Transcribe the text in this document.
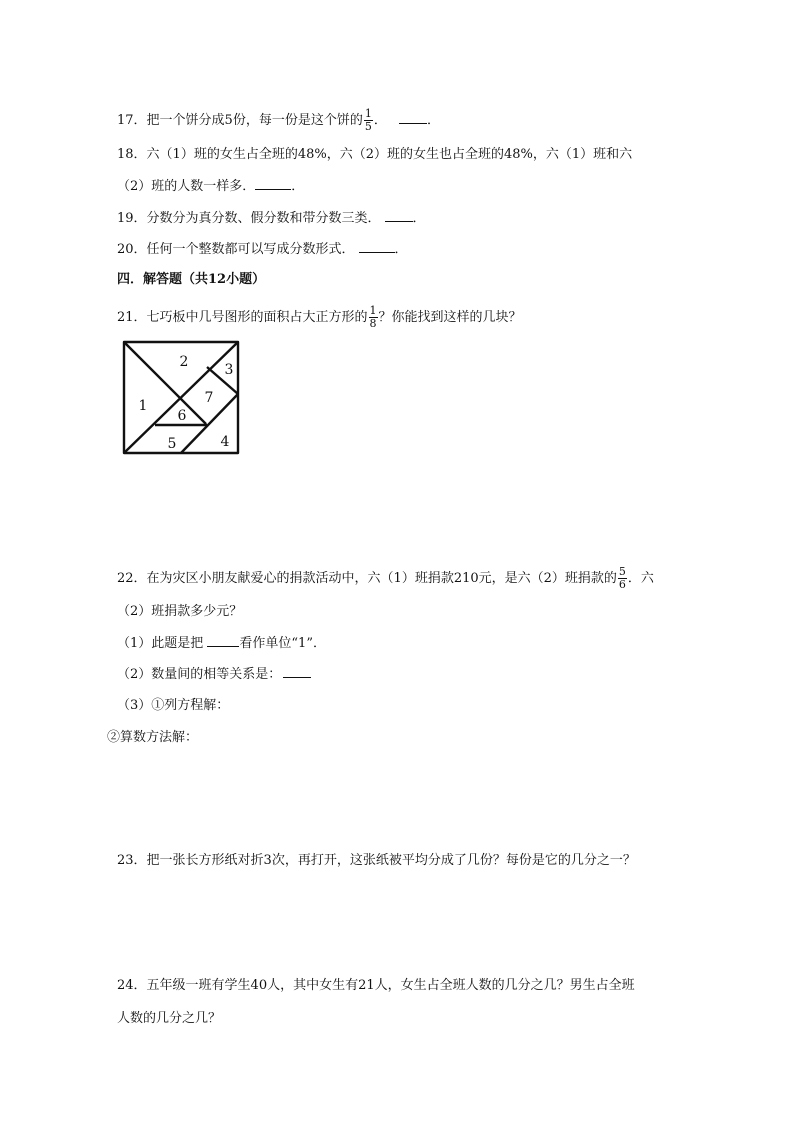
17．把一个饼分成5份，每一份是这个饼的 $\frac{1}{5}$ ．	．
18．六（1）班的女生占全班的48%，六（2）班的女生也占全班的48%，六（1）班和六
（2）班的人数一样多．	．
19．分数分为真分数、假分数和带分数三类． ．
20．任何一个整数都可以写成分数形式．	．
四．解答题（共12小题）
21．七巧板中几号图形的面积占大正方形的 $\frac{1}{8}$ ？你能找到这样的几块？
1
2	3
4
5
6
7
22．在为灾区小朋友献爱心的捐款活动中，六（1）班捐款210元，是六（2）班捐款的 $\frac{5}{6}$ ．六
（2）班捐款多少元？
（1）此题是把 看作单位“1”．
（2）数量间的相等关系是：
（3）①列方程解：
②算数方法解：
23．把一张长方形纸对折3次，再打开，这张纸被平均分成了几份？每份是它的几分之一？
24．五年级一班有学生40人，其中女生有21人，女生占全班人数的几分之几？男生占全班
人数的几分之几？
